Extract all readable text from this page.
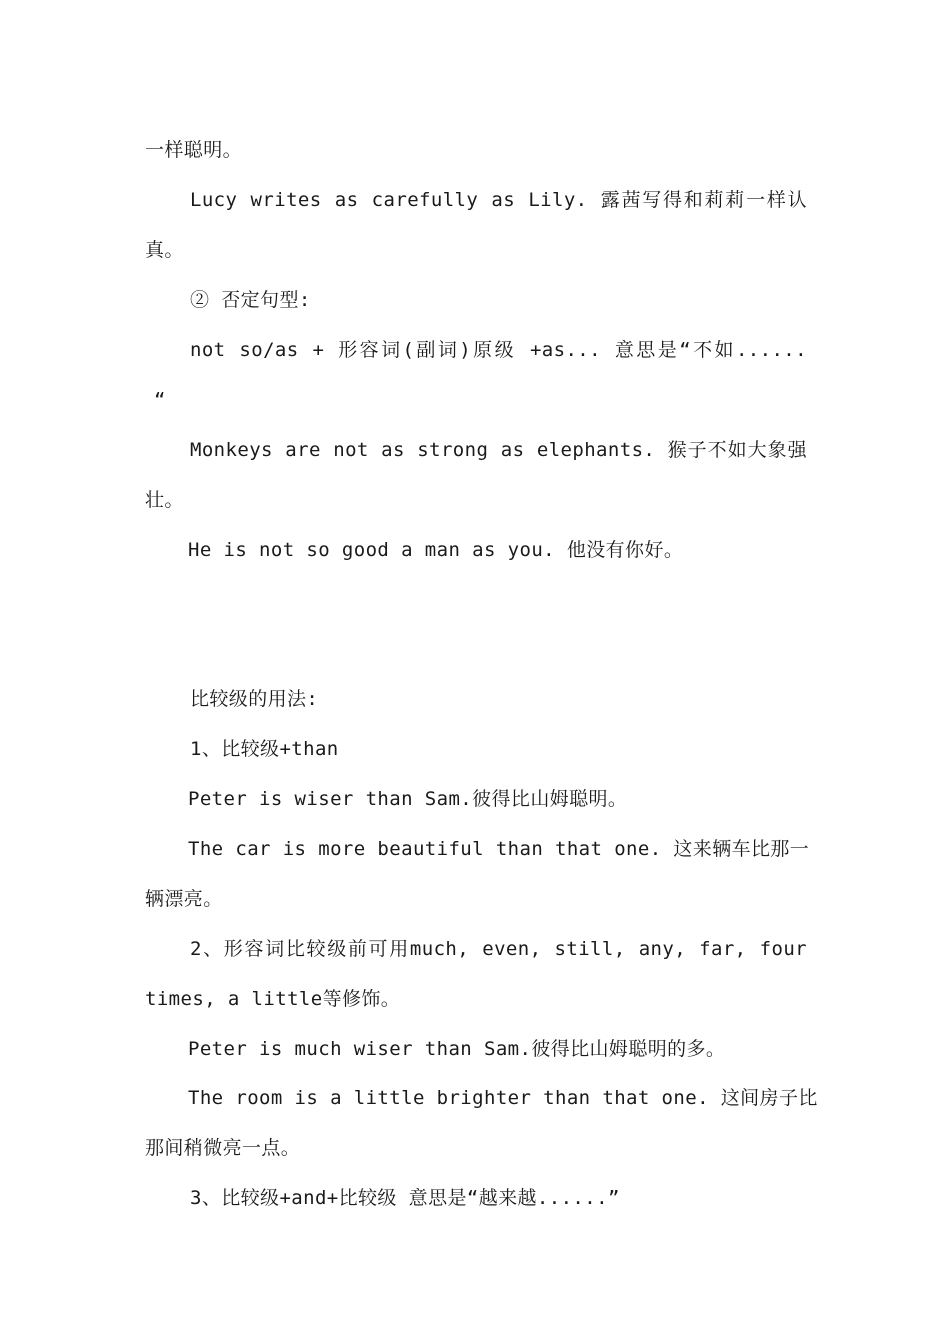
一样聪明。
Lucy writes as carefully as Lily. 露茜写得和莉莉一样认
真。
② 否定句型:
not so/as + 形容词(副词)原级 +as... 意思是“不如......
“
Monkeys are not as strong as elephants. 猴子不如大象强
壮。
He is not so good a man as you. 他没有你好。
比较级的用法:
1、比较级+than
Peter is wiser than Sam.彼得比山姆聪明。
The car is more beautiful than that one. 这来辆车比那一
辆漂亮。
2、形容词比较级前可用much, even, still, any, far, four
times, a little等修饰。
Peter is much wiser than Sam.彼得比山姆聪明的多。
The room is a little brighter than that one. 这间房子比
那间稍微亮一点。
3、比较级+and+比较级 意思是“越来越......”
